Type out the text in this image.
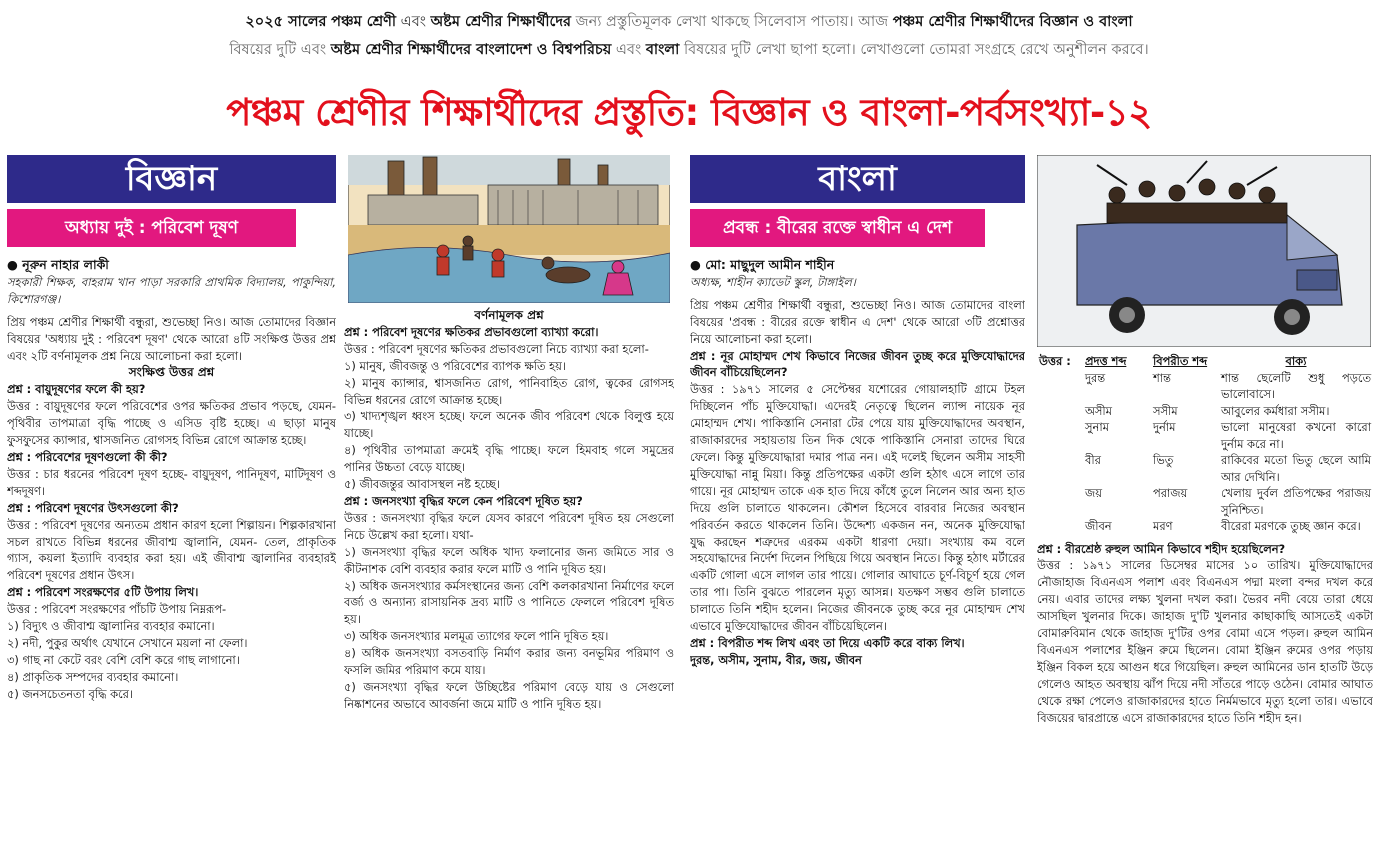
২০২৫ সালের পঞ্চম শ্রেণী এবং অষ্টম শ্রেণীর শিক্ষার্থীদের জন্য প্রস্তুতিমূলক লেখা থাকছে সিলেবাস পাতায়। আজ পঞ্চম শ্রেণীর শিক্ষার্থীদের বিজ্ঞান ও বাংলা
বিষয়ের দুটি এবং অষ্টম শ্রেণীর শিক্ষার্থীদের বাংলাদেশ ও বিশ্বপরিচয় এবং বাংলা বিষয়ের দুটি লেখা ছাপা হলো। লেখাগুলো তোমরা সংগ্রহে রেখে অনুশীলন করবে।
পঞ্চম শ্রেণীর শিক্ষার্থীদের প্রস্তুতি: বিজ্ঞান ও বাংলা-পর্বসংখ্যা-১২
বিজ্ঞান
অধ্যায় দুই : পরিবেশ দূষণ
● নূরুন নাহার লাকী

সহকারী শিক্ষক, বাহরাম খান পাড়া সরকারি প্রাথমিক বিদ্যালয়, পাকুন্দিয়া, কিশোরগঞ্জ।

প্রিয় পঞ্চম শ্রেণীর শিক্ষার্থী বন্ধুরা, শুভেচ্ছা নিও। আজ তোমাদের বিজ্ঞান বিষয়ের 'অধ্যায় দুই : পরিবেশ দূষণ' থেকে আরো ৪টি সংক্ষিপ্ত উত্তর প্রশ্ন এবং ২টি বর্ণনামূলক প্রশ্ন নিয়ে আলোচনা করা হলো।

সংক্ষিপ্ত উত্তর প্রশ্ন

প্রশ্ন : বায়ুদূষণের ফলে কী হয়?

উত্তর : বায়ুদূষণের ফলে পরিবেশের ওপর ক্ষতিকর প্রভাব পড়ছে, যেমন- পৃথিবীর তাপমাত্রা বৃদ্ধি পাচ্ছে ও এসিড বৃষ্টি হচ্ছে। এ ছাড়া মানুষ ফুসফুসের ক্যান্সার, শ্বাসজনিত রোগসহ বিভিন্ন রোগে আক্রান্ত হচ্ছে।

প্রশ্ন : পরিবেশের দূষণগুলো কী কী?

উত্তর : চার ধরনের পরিবেশ দূষণ হচ্ছে- বায়ুদূষণ, পানিদূষণ, মাটিদূষণ ও শব্দদূষণ।

প্রশ্ন : পরিবেশ দূষণের উৎসগুলো কী?

উত্তর : পরিবেশ দূষণের অন্যতম প্রধান কারণ হলো শিল্পায়ন। শিল্পকারখানা সচল রাখতে বিভিন্ন ধরনের জীবাশ্ম জ্বালানি, যেমন- তেল, প্রাকৃতিক গ্যাস, কয়লা ইত্যাদি ব্যবহার করা হয়। এই জীবাশ্ম জ্বালানির ব্যবহারই পরিবেশ দূষণের প্রধান উৎস।

প্রশ্ন : পরিবেশ সংরক্ষণের ৫টি উপায় লিখ।

উত্তর : পরিবেশ সংরক্ষণের পাঁচটি উপায় নিম্নরূপ-

১) বিদ্যুৎ ও জীবাশ্ম জ্বালানির ব্যবহার কমানো।

২) নদী, পুকুর অর্থাৎ যেখানে সেখানে ময়লা না ফেলা।

৩) গাছ না কেটে বরং বেশি বেশি করে গাছ লাগানো।

৪) প্রাকৃতিক সম্পদের ব্যবহার কমানো।

৫) জনসচেতনতা বৃদ্ধি করে।

বর্ণনামূলক প্রশ্ন

প্রশ্ন : পরিবেশ দূষণের ক্ষতিকর প্রভাবগুলো ব্যাখ্যা করো।

উত্তর : পরিবেশ দূষণের ক্ষতিকর প্রভাবগুলো নিচে ব্যাখ্যা করা হলো-

১) মানুষ, জীবজন্তু ও পরিবেশের ব্যাপক ক্ষতি হয়।

২) মানুষ ক্যান্সার, শ্বাসজনিত রোগ, পানিবাহিত রোগ, ত্বকের রোগসহ বিভিন্ন ধরনের রোগে আক্রান্ত হচ্ছে।

৩) খাদ্যশৃঙ্খল ধ্বংস হচ্ছে। ফলে অনেক জীব পরিবেশ থেকে বিলুপ্ত হয়ে যাচ্ছে।

৪) পৃথিবীর তাপমাত্রা ক্রমেই বৃদ্ধি পাচ্ছে। ফলে হিমবাহ গলে সমুদ্রের পানির উচ্চতা বেড়ে যাচ্ছে।

৫) জীবজন্তুর আবাসস্থল নষ্ট হচ্ছে।

প্রশ্ন : জনসংখ্যা বৃদ্ধির ফলে কেন পরিবেশ দূষিত হয়?

উত্তর : জনসংখ্যা বৃদ্ধির ফলে যেসব কারণে পরিবেশ দূষিত হয় সেগুলো নিচে উল্লেখ করা হলো। যথা-

১) জনসংখ্যা বৃদ্ধির ফলে অধিক খাদ্য ফলানোর জন্য জমিতে সার ও কীটনাশক বেশি ব্যবহার করার ফলে মাটি ও পানি দূষিত হয়।

২) অধিক জনসংখ্যার কর্মসংস্থানের জন্য বেশি কলকারখানা নির্মাণের ফলে বর্জ্য ও অন্যান্য রাসায়নিক দ্রব্য মাটি ও পানিতে ফেললে পরিবেশ দূষিত হয়।

৩) অধিক জনসংখ্যার মলমূত্র ত্যাগের ফলে পানি দূষিত হয়।

৪) অধিক জনসংখ্যা বসতবাড়ি নির্মাণ করার জন্য বনভূমির পরিমাণ ও ফসলি জমির পরিমাণ কমে যায়।

৫) জনসংখ্যা বৃদ্ধির ফলে উচ্ছিষ্টের পরিমাণ বেড়ে যায় ও সেগুলো নিষ্কাশনের অভাবে আবর্জনা জমে মাটি ও পানি দূষিত হয়।

বাংলা
প্রবন্ধ : বীরের রক্তে স্বাধীন এ দেশ
● মো: মাছুদুল আমীন শাহীন

অধ্যক্ষ, শাহীন ক্যাডেট স্কুল, টাঙ্গাইল।

প্রিয় পঞ্চম শ্রেণীর শিক্ষার্থী বন্ধুরা, শুভেচ্ছা নিও। আজ তোমাদের বাংলা বিষয়ের 'প্রবন্ধ : বীরের রক্তে স্বাধীন এ দেশ' থেকে আরো ৩টি প্রশ্নোত্তর নিয়ে আলোচনা করা হলো।

প্রশ্ন : নূর মোহাম্মদ শেখ কিভাবে নিজের জীবন তুচ্ছ করে মুক্তিযোদ্ধাদের জীবন বাঁচিয়েছিলেন?

উত্তর : ১৯৭১ সালের ৫ সেপ্টেম্বর যশোরের গোয়ালহাটি গ্রামে টহল দিচ্ছিলেন পাঁচ মুক্তিযোদ্ধা। এদেরই নেতৃত্বে ছিলেন ল্যান্স নায়েক নূর মোহাম্মদ শেখ। পাকিস্তানি সেনারা টের পেয়ে যায় মুক্তিযোদ্ধাদের অবস্থান, রাজাকারদের সহায়তায় তিন দিক থেকে পাকিস্তানি সেনারা তাদের ঘিরে ফেলে। কিন্তু মুক্তিযোদ্ধারা দমার পাত্র নন। এই দলেই ছিলেন অসীম সাহসী মুক্তিযোদ্ধা নান্নু মিয়া। কিন্তু প্রতিপক্ষের একটা গুলি হঠাৎ এসে লাগে তার গায়ে। নূর মোহাম্মদ তাকে এক হাত দিয়ে কাঁধে তুলে নিলেন আর অন্য হাত দিয়ে গুলি চালাতে থাকলেন। কৌশল হিসেবে বারবার নিজের অবস্থান পরিবর্তন করতে থাকলেন তিনি। উদ্দেশ্য একজন নন, অনেক মুক্তিযোদ্ধা যুদ্ধ করছেন শত্রুদের এরকম একটা ধারণা দেয়া। সংখ্যায় কম বলে সহযোদ্ধাদের নির্দেশ দিলেন পিছিয়ে গিয়ে অবস্থান নিতে। কিন্তু হঠাৎ মর্টারের একটি গোলা এসে লাগল তার পায়ে। গোলার আঘাতে চূর্ণ-বিচূর্ণ হয়ে গেল তার পা। তিনি বুঝতে পারলেন মৃত্যু আসন্ন। যতক্ষণ সম্ভব গুলি চালাতে চালাতে তিনি শহীদ হলেন। নিজের জীবনকে তুচ্ছ করে নূর মোহাম্মদ শেখ এভাবে মুক্তিযোদ্ধাদের জীবন বাঁচিয়েছিলেন।

প্রশ্ন : বিপরীত শব্দ লিখ এবং তা দিয়ে একটি করে বাক্য লিখ।

দুরন্ত, অসীম, সুনাম, বীর, জয়, জীবন

উত্তর :	প্রদত্ত শব্দ	বিপরীত শব্দ	বাক্য
	দুরন্ত	শান্ত	শান্ত ছেলেটি শুধু পড়তে ভালোবাসে।
	অসীম	সসীম	আবুলের কর্মধারা সসীম।
	সুনাম	দুর্নাম	ভালো মানুষেরা কখনো কারো দুর্নাম করে না।
	বীর	ভিতু	রাকিবের মতো ভিতু ছেলে আমি আর দেখিনি।
	জয়	পরাজয়	খেলায় দুর্বল প্রতিপক্ষের পরাজয় সুনিশ্চিত।
	জীবন	মরণ	বীরেরা মরণকে তুচ্ছ জ্ঞান করে।

প্রশ্ন : বীরশ্রেষ্ঠ রুহুল আমিন কিভাবে শহীদ হয়েছিলেন?

উত্তর : ১৯৭১ সালের ডিসেম্বর মাসের ১০ তারিখ। মুক্তিযোদ্ধাদের নৌজাহাজ বিএনএস পলাশ এবং বিএনএস পদ্মা মংলা বন্দর দখল করে নেয়। এবার তাদের লক্ষ্য খুলনা দখল করা। ভৈরব নদী বেয়ে তারা ধেয়ে আসছিল খুলনার দিকে। জাহাজ দু'টি খুলনার কাছাকাছি আসতেই একটা বোমারুবিমান থেকে জাহাজ দু'টির ওপর বোমা এসে পড়ল। রুহুল আমিন বিএনএস পলাশের ইঞ্জিন রুমে ছিলেন। বোমা ইঞ্জিন রুমের ওপর পড়ায় ইঞ্জিন বিকল হয়ে আগুন ধরে গিয়েছিল। রুহুল আমিনের ডান হাতটি উড়ে গেলেও আহত অবস্থায় ঝাঁপ দিয়ে নদী সাঁতরে পাড়ে ওঠেন। বোমার আঘাত থেকে রক্ষা পেলেও রাজাকারদের হাতে নির্মমভাবে মৃত্যু হলো তার। এভাবে বিজয়ের দ্বারপ্রান্তে এসে রাজাকারদের হাতে তিনি শহীদ হন।
